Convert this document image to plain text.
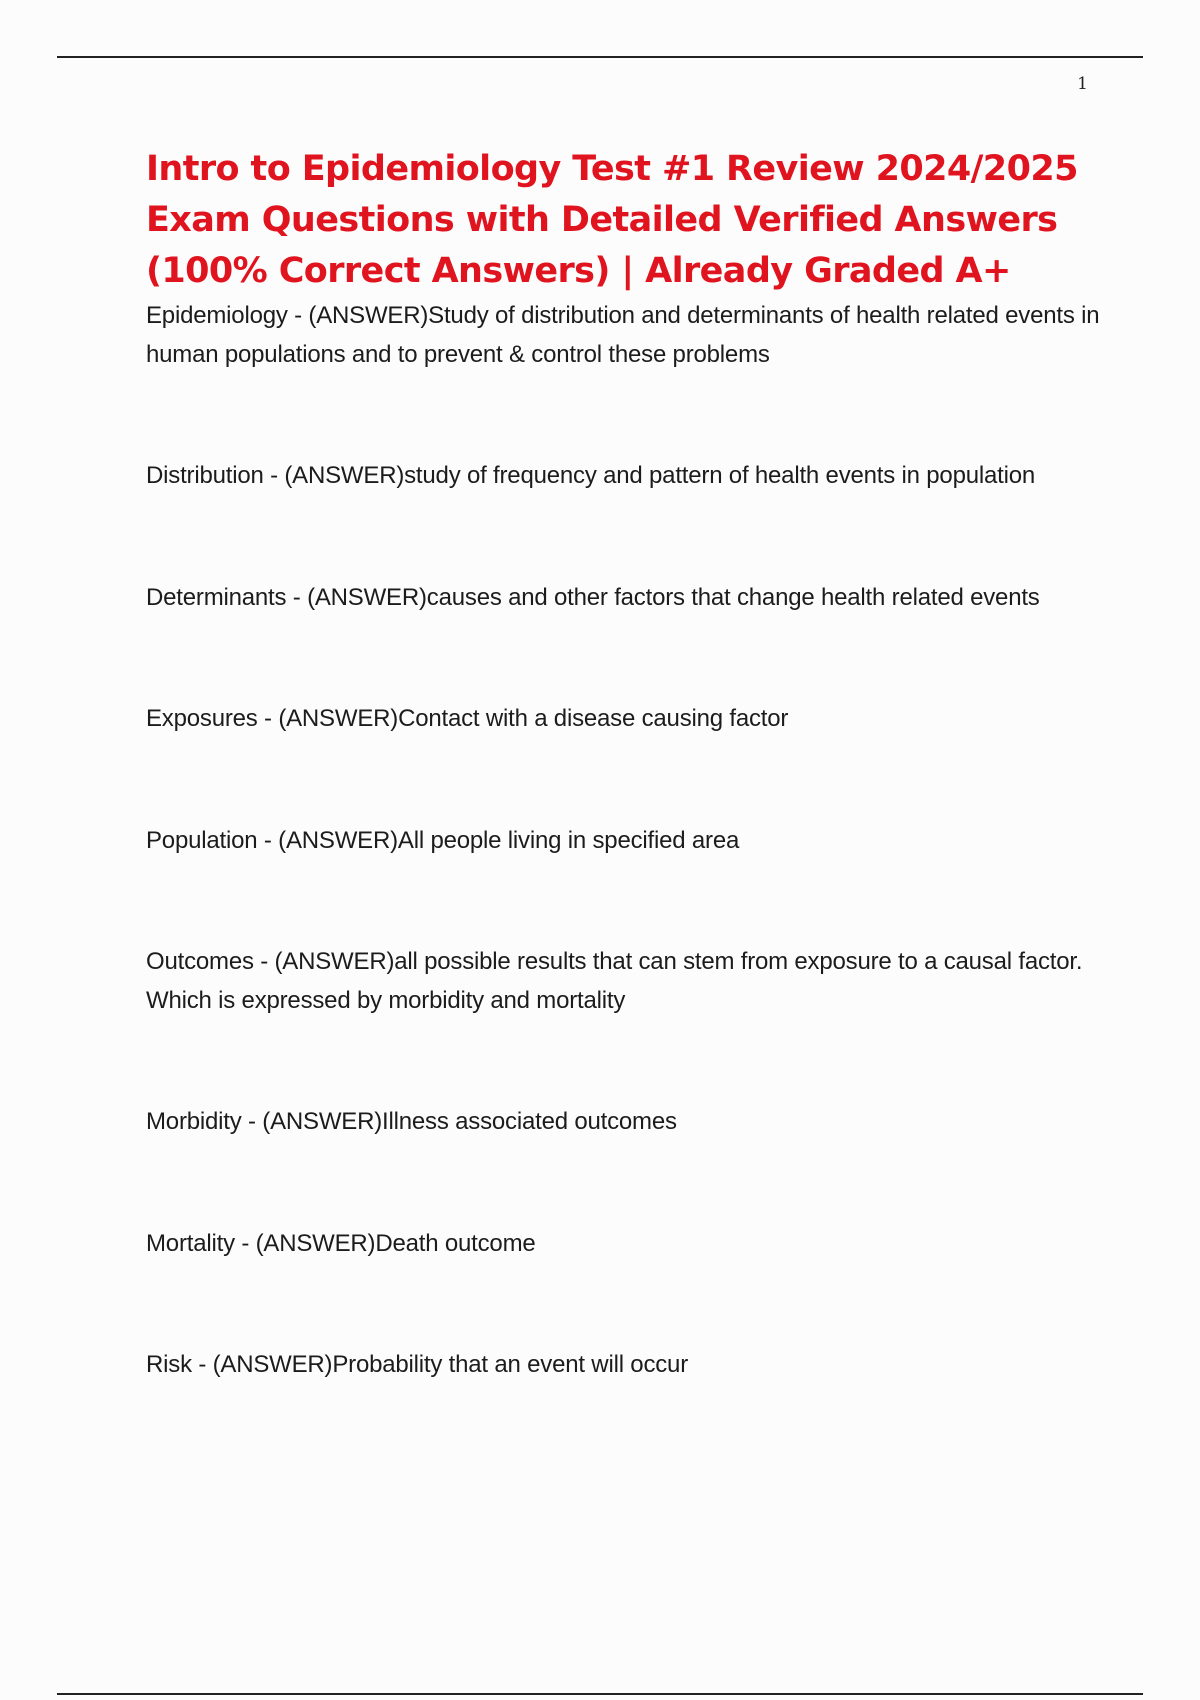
1
Intro to Epidemiology Test #1 Review 2024/2025 Exam Questions with Detailed Verified Answers (100% Correct Answers) | Already Graded A+
Epidemiology - (ANSWER)Study of distribution and determinants of health related events in human populations and to prevent & control these problems
Distribution - (ANSWER)study of frequency and pattern of health events in population
Determinants - (ANSWER)causes and other factors that change health related events
Exposures - (ANSWER)Contact with a disease causing factor
Population - (ANSWER)All people living in specified area
Outcomes - (ANSWER)all possible results that can stem from exposure to a causal factor. Which is expressed by morbidity and mortality
Morbidity - (ANSWER)Illness associated outcomes
Mortality - (ANSWER)Death outcome
Risk - (ANSWER)Probability that an event will occur
